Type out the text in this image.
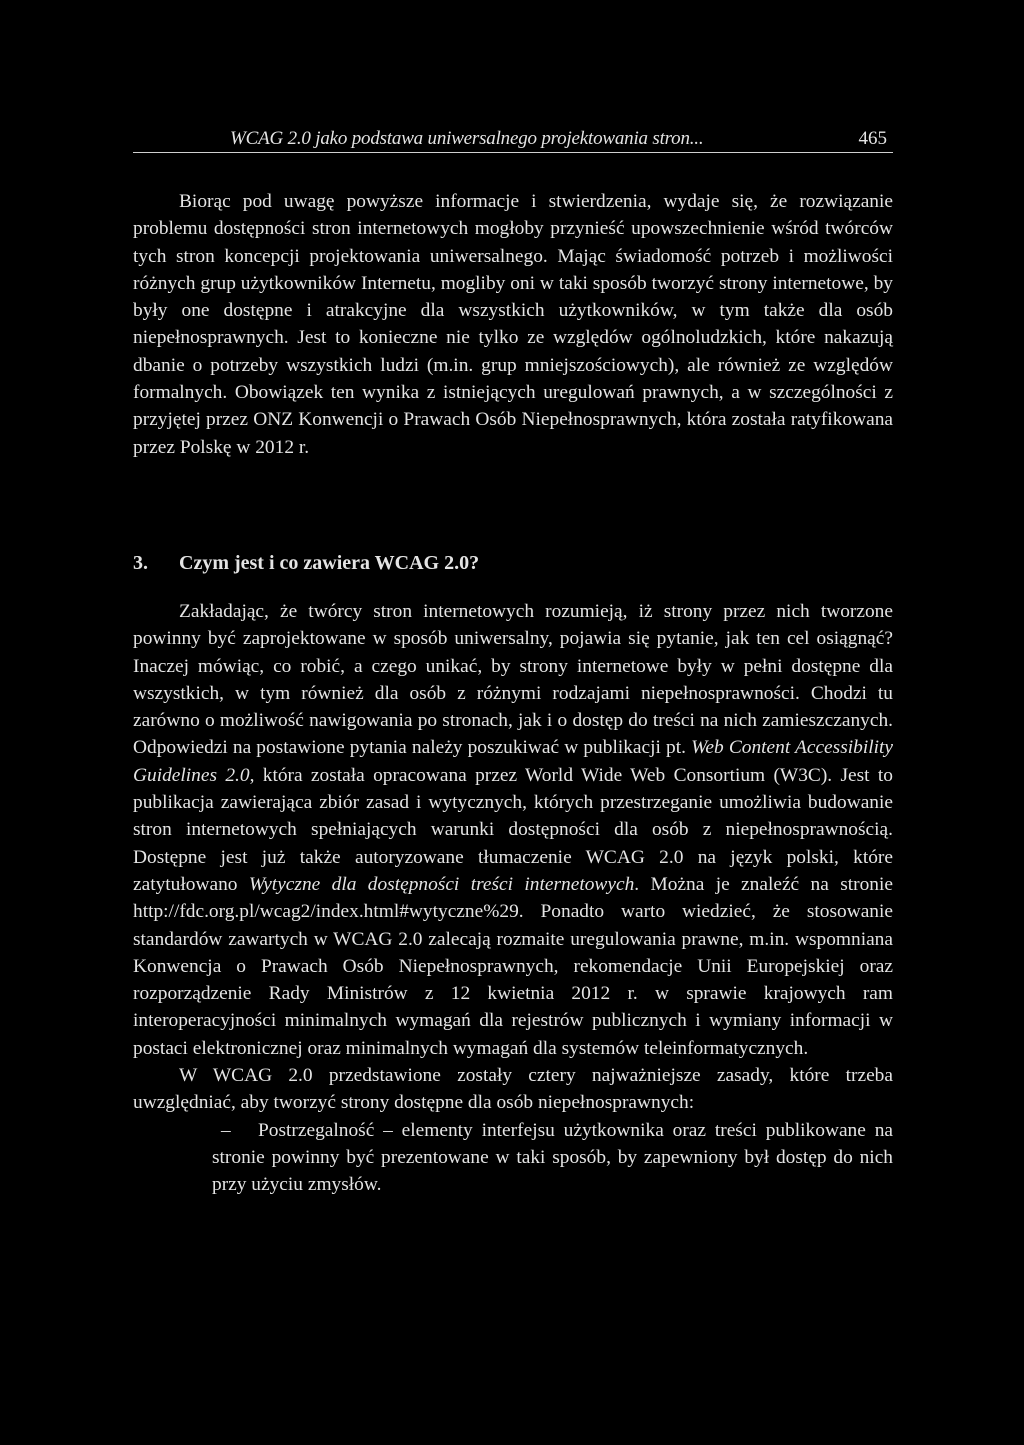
WCAG 2.0 jako podstawa uniwersalnego projektowania stron...	465

Biorąc pod uwagę powyższe informacje i stwierdzenia, wydaje się, że rozwiązanie problemu dostępności stron internetowych mogłoby przynieść upowszechnienie wśród twórców tych stron koncepcji projektowania uniwersalnego. Mając świadomość potrzeb i możliwości różnych grup użytkowników Internetu, mogliby oni w taki sposób tworzyć strony internetowe, by były one dostępne i atrakcyjne dla wszystkich użytkowników, w tym także dla osób niepełnosprawnych. Jest to konieczne nie tylko ze względów ogólnoludzkich, które nakazują dbanie o potrzeby wszystkich ludzi (m.in. grup mniejszościowych), ale również ze względów formalnych. Obowiązek ten wynika z istniejących uregulowań prawnych, a w szczególności z przyjętej przez ONZ Konwencji o Prawach Osób Niepełnosprawnych, która została ratyfikowana przez Polskę w 2012 r.

3. Czym jest i co zawiera WCAG 2.0?

Zakładając, że twórcy stron internetowych rozumieją, iż strony przez nich tworzone powinny być zaprojektowane w sposób uniwersalny, pojawia się pytanie, jak ten cel osiągnąć? Inaczej mówiąc, co robić, a czego unikać, by strony internetowe były w pełni dostępne dla wszystkich, w tym również dla osób z różnymi rodzajami niepełnosprawności. Chodzi tu zarówno o możliwość nawigowania po stronach, jak i o dostęp do treści na nich zamieszczanych. Odpowiedzi na postawione pytania należy poszukiwać w publikacji pt. Web Content Accessibility Guidelines 2.0, która została opracowana przez World Wide Web Consortium (W3C). Jest to publikacja zawierająca zbiór zasad i wytycznych, których przestrzeganie umożliwia budowanie stron internetowych spełniających warunki dostępności dla osób z niepełnosprawnością. Dostępne jest już także autoryzowane tłumaczenie WCAG 2.0 na język polski, które zatytułowano Wytyczne dla dostępności treści internetowych. Można je znaleźć na stronie http://fdc.org.pl/wcag2/index.html#wytyczne%29. Ponadto warto wiedzieć, że stosowanie standardów zawartych w WCAG 2.0 zalecają rozmaite uregulowania prawne, m.in. wspomniana Konwencja o Prawach Osób Niepełnosprawnych, rekomendacje Unii Europejskiej oraz rozporządzenie Rady Ministrów z 12 kwietnia 2012 r. w sprawie krajowych ram interoperacyjności minimalnych wymagań dla rejestrów publicznych i wymiany informacji w postaci elektronicznej oraz minimalnych wymagań dla systemów teleinformatycznych.

W WCAG 2.0 przedstawione zostały cztery najważniejsze zasady, które trzeba uwzględniać, aby tworzyć strony dostępne dla osób niepełnosprawnych:

– Postrzegalność – elementy interfejsu użytkownika oraz treści publikowane na stronie powinny być prezentowane w taki sposób, by zapewniony był dostęp do nich przy użyciu zmysłów.
